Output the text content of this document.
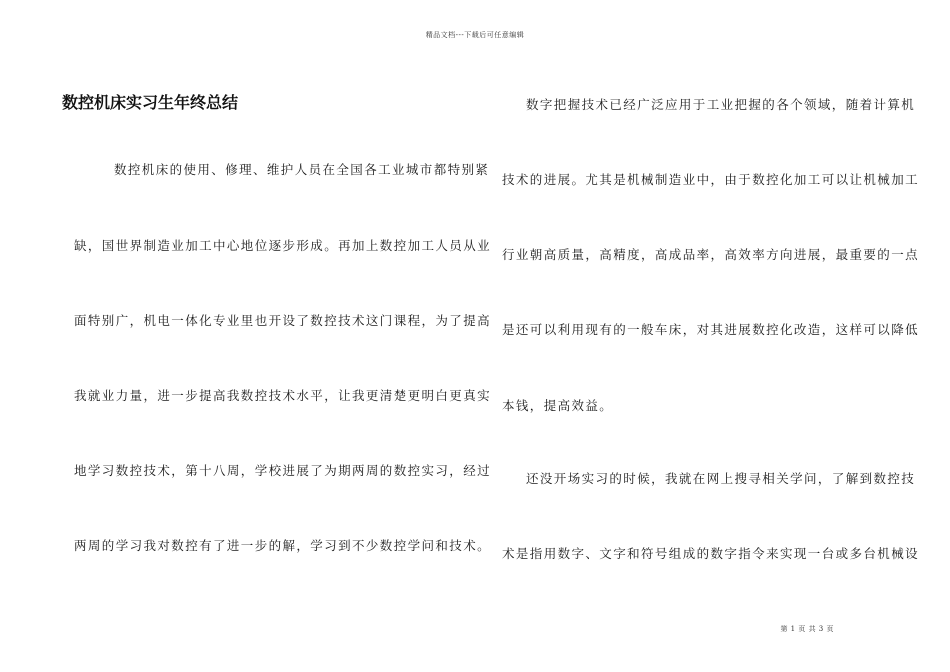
精品文档---下载后可任意编辑
数控机床实习生年终总结
数控机床的使用、修理、维护人员在全国各工业城市都特别紧
缺，国世界制造业加工中心地位逐步形成。再加上数控加工人员从业
面特别广，机电一体化专业里也开设了数控技术这门课程，为了提高
我就业力量，进一步提高我数控技术水平，让我更清楚更明白更真实
地学习数控技术，第十八周，学校进展了为期两周的数控实习，经过
两周的学习我对数控有了进一步的解，学习到不少数控学问和技术。
数字把握技术已经广泛应用于工业把握的各个领域，随着计算机
技术的进展。尤其是机械制造业中，由于数控化加工可以让机械加工
行业朝高质量，高精度，高成品率，高效率方向进展，最重要的一点
是还可以利用现有的一般车床，对其进展数控化改造，这样可以降低
本钱，提高效益。
还没开场实习的时候，我就在网上搜寻相关学问，了解到数控技
术是指用数字、文字和符号组成的数字指令来实现一台或多台机械设
第 1 页 共 3 页
